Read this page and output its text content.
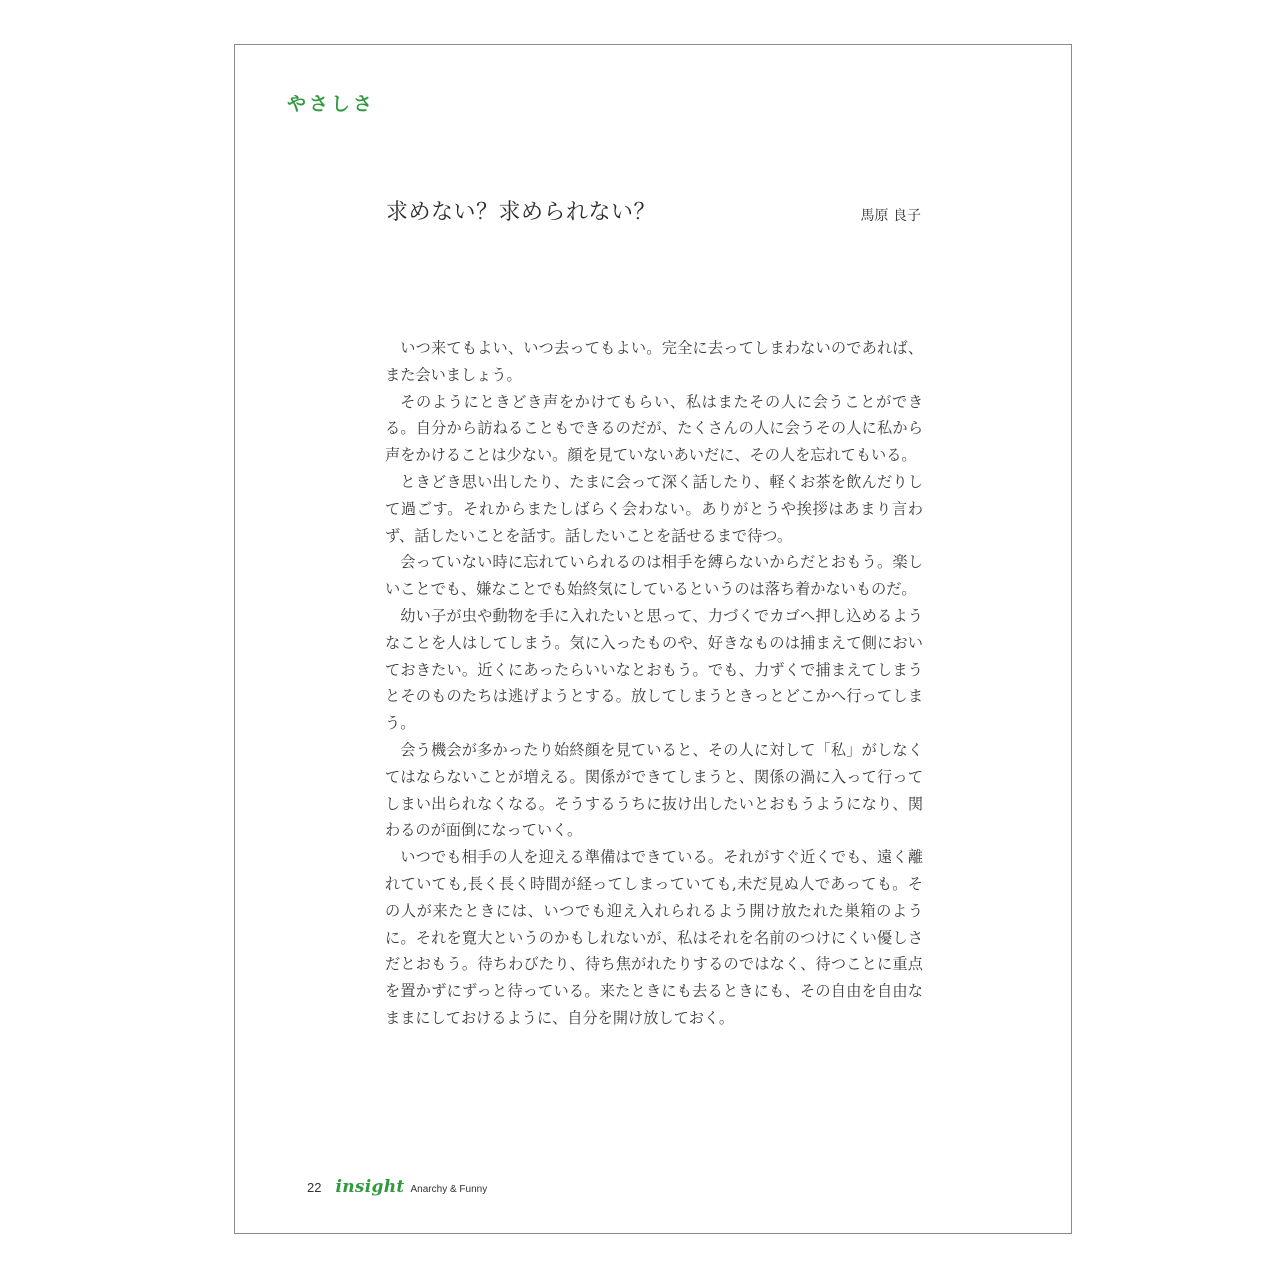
やさしさ
求めない？求められない？	馬原 良子

いつ来てもよい、いつ去ってもよい。完全に去ってしまわないのであれば、また会いましょう。

そのようにときどき声をかけてもらい、私はまたその人に会うことができる。自分から訪ねることもできるのだが、たくさんの人に会うその人に私から声をかけることは少ない。顔を見ていないあいだに、その人を忘れてもいる。

ときどき思い出したり、たまに会って深く話したり、軽くお茶を飲んだりして過ごす。それからまたしばらく会わない。ありがとうや挨拶はあまり言わず、話したいことを話す。話したいことを話せるまで待つ。

会っていない時に忘れていられるのは相手を縛らないからだとおもう。楽しいことでも、嫌なことでも始終気にしているというのは落ち着かないものだ。

幼い子が虫や動物を手に入れたいと思って、力づくでカゴへ押し込めるようなことを人はしてしまう。気に入ったものや、好きなものは捕まえて側においておきたい。近くにあったらいいなとおもう。でも、力ずくで捕まえてしまうとそのものたちは逃げようとする。放してしまうときっとどこかへ行ってしまう。

会う機会が多かったり始終顔を見ていると、その人に対して「私」がしなくてはならないことが増える。関係ができてしまうと、関係の渦に入って行ってしまい出られなくなる。そうするうちに抜け出したいとおもうようになり、関わるのが面倒になっていく。

いつでも相手の人を迎える準備はできている。それがすぐ近くでも、遠く離れていても,長く長く時間が経ってしまっていても,未だ見ぬ人であっても。その人が来たときには、いつでも迎え入れられるよう開け放たれた巣箱のように。それを寛大というのかもしれないが、私はそれを名前のつけにくい優しさだとおもう。待ちわびたり、待ち焦がれたりするのではなく、待つことに重点を置かずにずっと待っている。来たときにも去るときにも、その自由を自由なままにしておけるように、自分を開け放しておく。

22 insight Anarchy & Funny
